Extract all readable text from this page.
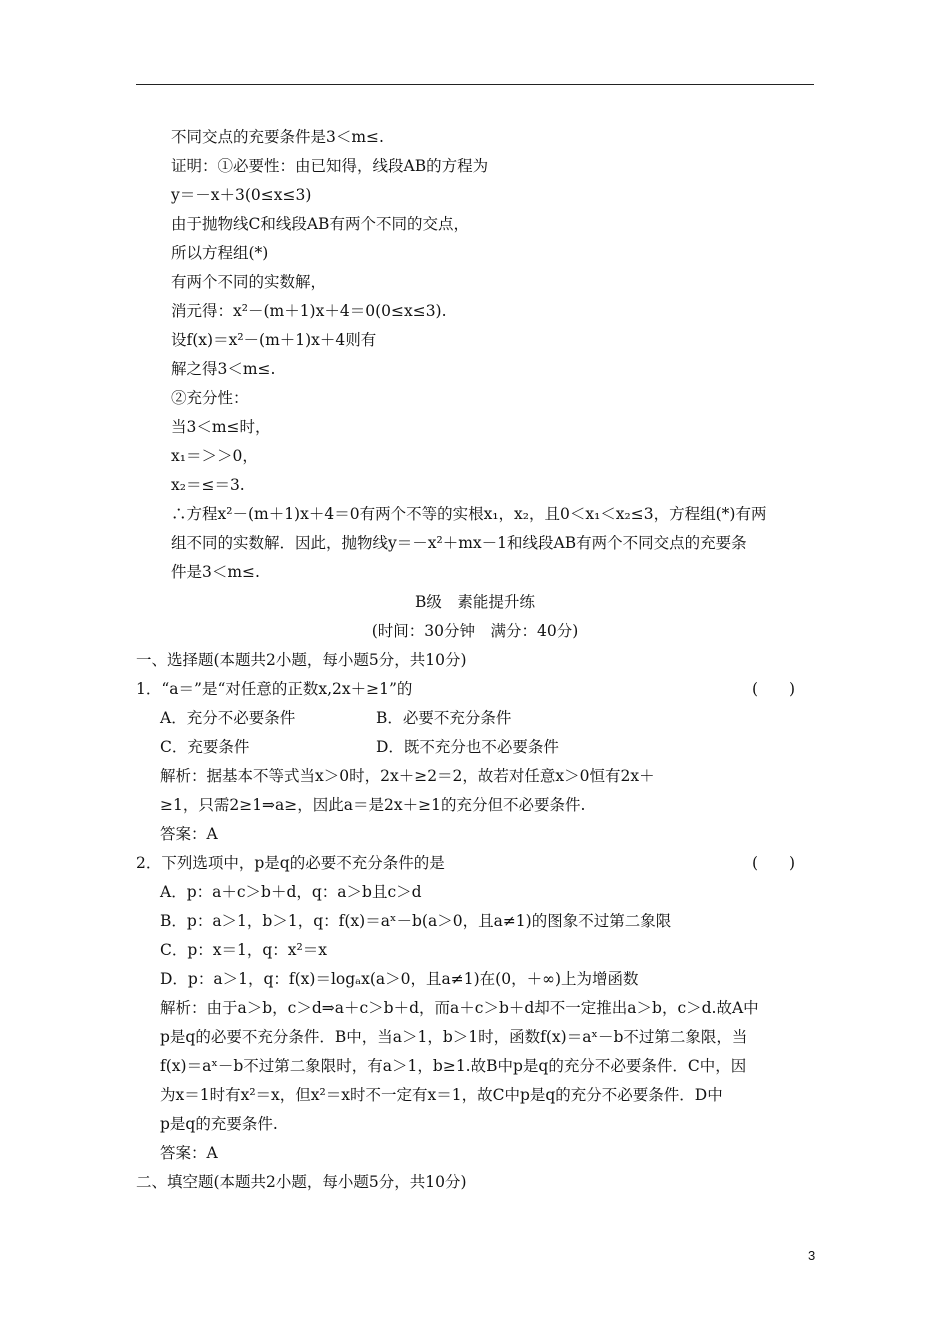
不同交点的充要条件是3＜m≤.
证明：①必要性：由已知得，线段AB的方程为
y＝－x＋3(0≤x≤3)
由于抛物线C和线段AB有两个不同的交点，
所以方程组(*)
有两个不同的实数解，
消元得：x²－(m＋1)x＋4＝0(0≤x≤3).
设f(x)＝x²－(m＋1)x＋4则有
解之得3＜m≤.
②充分性：
当3＜m≤时，
x₁＝＞＞0，
x₂＝≤＝3.
∴方程x²－(m＋1)x＋4＝0有两个不等的实根x₁，x₂，且0＜x₁＜x₂≤3，方程组(*)有两
组不同的实数解．因此，抛物线y＝－x²＋mx－1和线段AB有两个不同交点的充要条
件是3＜m≤.
B级　素能提升练
(时间：30分钟　满分：40分)
一、选择题(本题共2小题，每小题5分，共10分)
1．“a＝”是“对任意的正数x,2x＋≥1”的	(　　)
A．充分不必要条件	B．必要不充分条件
C．充要条件	D．既不充分也不必要条件
解析：据基本不等式当x＞0时，2x＋≥2＝2，故若对任意x＞0恒有2x＋
≥1，只需2≥1⇒a≥，因此a＝是2x＋≥1的充分但不必要条件.
答案：A
2．下列选项中，p是q的必要不充分条件的是	(　　)
A．p：a＋c＞b＋d，q：a＞b且c＞d
B．p：a＞1，b＞1，q：f(x)＝aˣ－b(a＞0，且a≠1)的图象不过第二象限
C．p：x＝1，q：x²＝x
D．p：a＞1，q：f(x)＝logₐx(a＞0，且a≠1)在(0，＋∞)上为增函数
解析：由于a＞b，c＞d⇒a＋c＞b＋d，而a＋c＞b＋d却不一定推出a＞b，c＞d.故A中
p是q的必要不充分条件．B中，当a＞1，b＞1时，函数f(x)＝aˣ－b不过第二象限，当
f(x)＝aˣ－b不过第二象限时，有a＞1，b≥1.故B中p是q的充分不必要条件．C中，因
为x＝1时有x²＝x，但x²＝x时不一定有x＝1，故C中p是q的充分不必要条件．D中
p是q的充要条件.
答案：A
二、填空题(本题共2小题，每小题5分，共10分)
3
